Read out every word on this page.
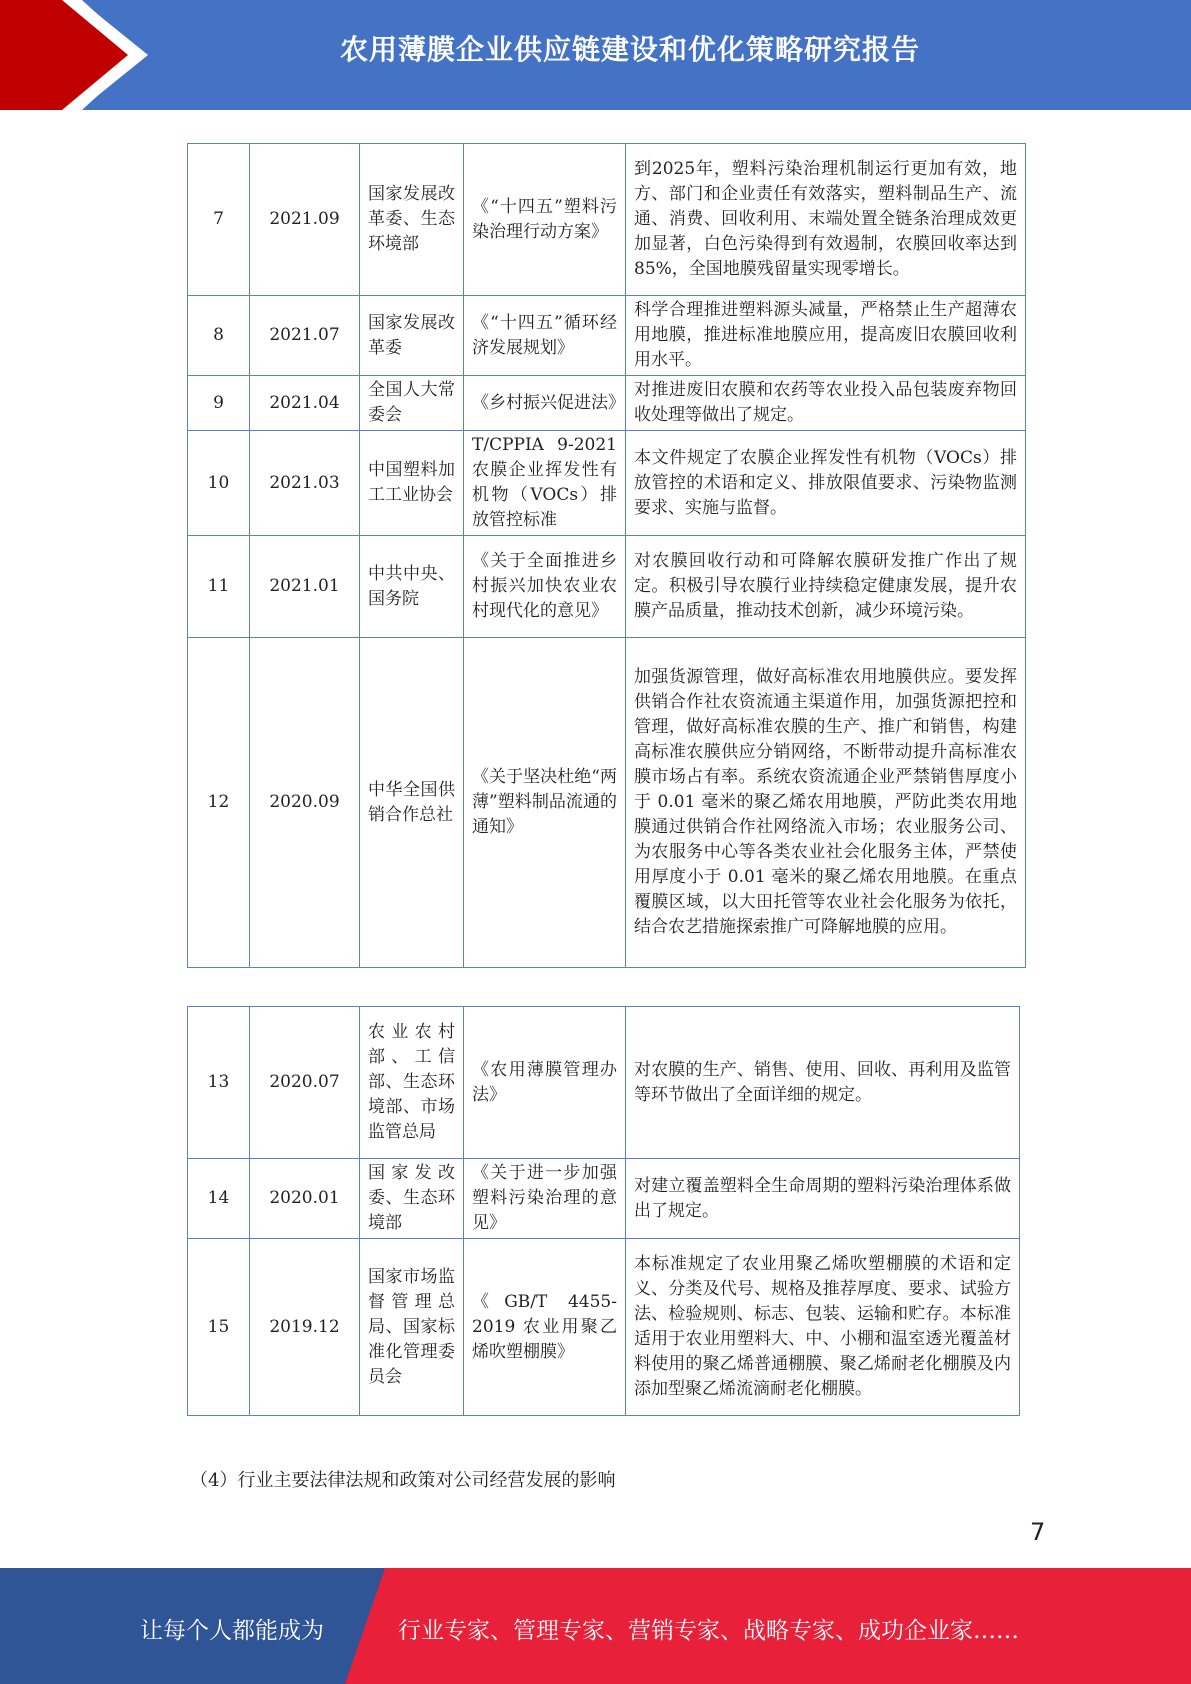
农用薄膜企业供应链建设和优化策略研究报告
7	2021.09	国家发展改革委、生态环境部	《“十四五”塑料污染治理行动方案》	到2025年，塑料污染治理机制运行更加有效，地方、部门和企业责任有效落实，塑料制品生产、流通、消费、回收利用、末端处置全链条治理成效更加显著，白色污染得到有效遏制，农膜回收率达到 85%，全国地膜残留量实现零增长。
8	2021.07	国家发展改革委	《“十四五”循环经济发展规划》	科学合理推进塑料源头减量，严格禁止生产超薄农用地膜，推进标准地膜应用，提高废旧农膜回收利用水平。
9	2021.04	全国人大常委会	《乡村振兴促进法》	对推进废旧农膜和农药等农业投入品包装废弃物回收处理等做出了规定。
10	2021.03	中国塑料加工工业协会	T/CPPIA 9-2021 农膜企业挥发性有机物（VOCs）排放管控标准	本文件规定了农膜企业挥发性有机物（VOCs）排放管控的术语和定义、排放限值要求、污染物监测要求、实施与监督。
11	2021.01	中共中央、国务院	《关于全面推进乡村振兴加快农业农村现代化的意见》	对农膜回收行动和可降解农膜研发推广作出了规定。积极引导农膜行业持续稳定健康发展，提升农膜产品质量，推动技术创新，减少环境污染。
12	2020.09	中华全国供销合作总社	《关于坚决杜绝“两薄”塑料制品流通的通知》	加强货源管理，做好高标准农用地膜供应。要发挥供销合作社农资流通主渠道作用，加强货源把控和管理，做好高标准农膜的生产、推广和销售，构建高标准农膜供应分销网络，不断带动提升高标准农膜市场占有率。系统农资流通企业严禁销售厚度小于 0.01 毫米的聚乙烯农用地膜，严防此类农用地膜通过供销合作社网络流入市场；农业服务公司、为农服务中心等各类农业社会化服务主体，严禁使用厚度小于 0.01 毫米的聚乙烯农用地膜。在重点覆膜区域，以大田托管等农业社会化服务为依托，结合农艺措施探索推广可降解地膜的应用。
13	2020.07	农业农村部、工信部、生态环境部、市场监管总局	《农用薄膜管理办法》	对农膜的生产、销售、使用、回收、再利用及监管等环节做出了全面详细的规定。
14	2020.01	国家发改委、生态环境部	《关于进一步加强塑料污染治理的意见》	对建立覆盖塑料全生命周期的塑料污染治理体系做出了规定。
15	2019.12	国家市场监督管理总局、国家标准化管理委员会	《GB/T 4455-2019 农业用聚乙烯吹塑棚膜》	本标准规定了农业用聚乙烯吹塑棚膜的术语和定义、分类及代号、规格及推荐厚度、要求、试验方法、检验规则、标志、包装、运输和贮存。本标准适用于农业用塑料大、中、小棚和温室透光覆盖材料使用的聚乙烯普通棚膜、聚乙烯耐老化棚膜及内添加型聚乙烯流滴耐老化棚膜。
（4）行业主要法律法规和政策对公司经营发展的影响
7
让每个人都能成为	行业专家、管理专家、营销专家、战略专家、成功企业家……
